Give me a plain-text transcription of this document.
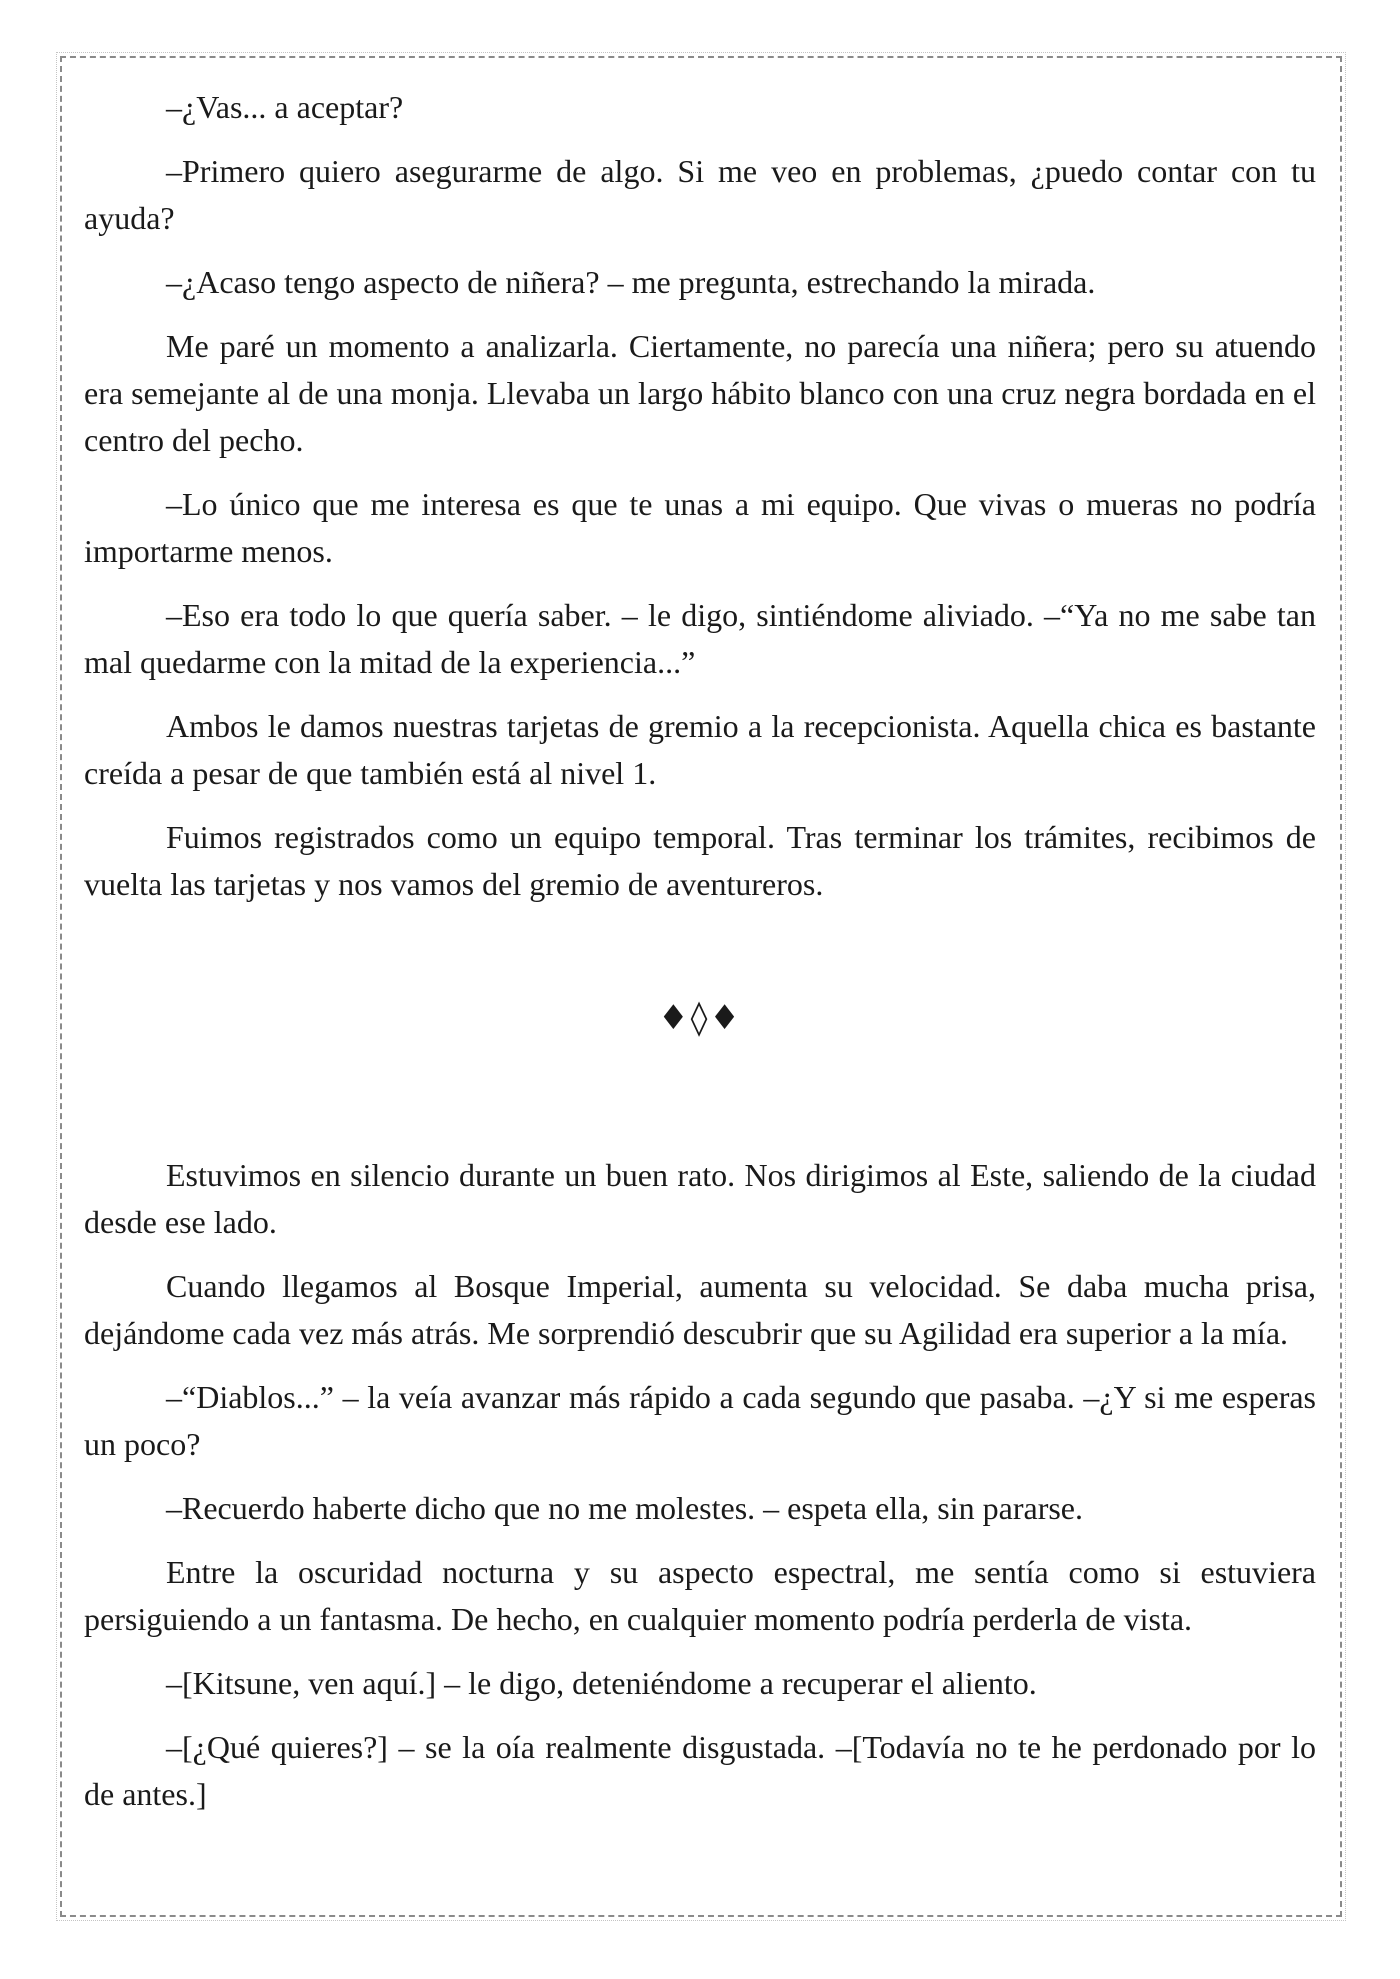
–¿Vas... a aceptar?

–Primero quiero asegurarme de algo. Si me veo en problemas, ¿puedo contar con tu ayuda?

–¿Acaso tengo aspecto de niñera? – me pregunta, estrechando la mirada.

Me paré un momento a analizarla. Ciertamente, no parecía una niñera; pero su atuendo era semejante al de una monja. Llevaba un largo hábito blanco con una cruz negra bordada en el centro del pecho.

–Lo único que me interesa es que te unas a mi equipo. Que vivas o mueras no podría importarme menos.

–Eso era todo lo que quería saber. – le digo, sintiéndome aliviado. –“Ya no me sabe tan mal quedarme con la mitad de la experiencia...”

Ambos le damos nuestras tarjetas de gremio a la recepcionista. Aquella chica es bastante creída a pesar de que también está al nivel 1.

Fuimos registrados como un equipo temporal. Tras terminar los trámites, recibimos de vuelta las tarjetas y nos vamos del gremio de aventureros.

♦◊♦

Estuvimos en silencio durante un buen rato. Nos dirigimos al Este, saliendo de la ciudad desde ese lado.

Cuando llegamos al Bosque Imperial, aumenta su velocidad. Se daba mucha prisa, dejándome cada vez más atrás. Me sorprendió descubrir que su Agilidad era superior a la mía.

–“Diablos...” – la veía avanzar más rápido a cada segundo que pasaba. –¿Y si me esperas un poco?

–Recuerdo haberte dicho que no me molestes. – espeta ella, sin pararse.

Entre la oscuridad nocturna y su aspecto espectral, me sentía como si estuviera persiguiendo a un fantasma. De hecho, en cualquier momento podría perderla de vista.

–[Kitsune, ven aquí.] – le digo, deteniéndome a recuperar el aliento.

–[¿Qué quieres?] – se la oía realmente disgustada. –[Todavía no te he perdonado por lo de antes.]
